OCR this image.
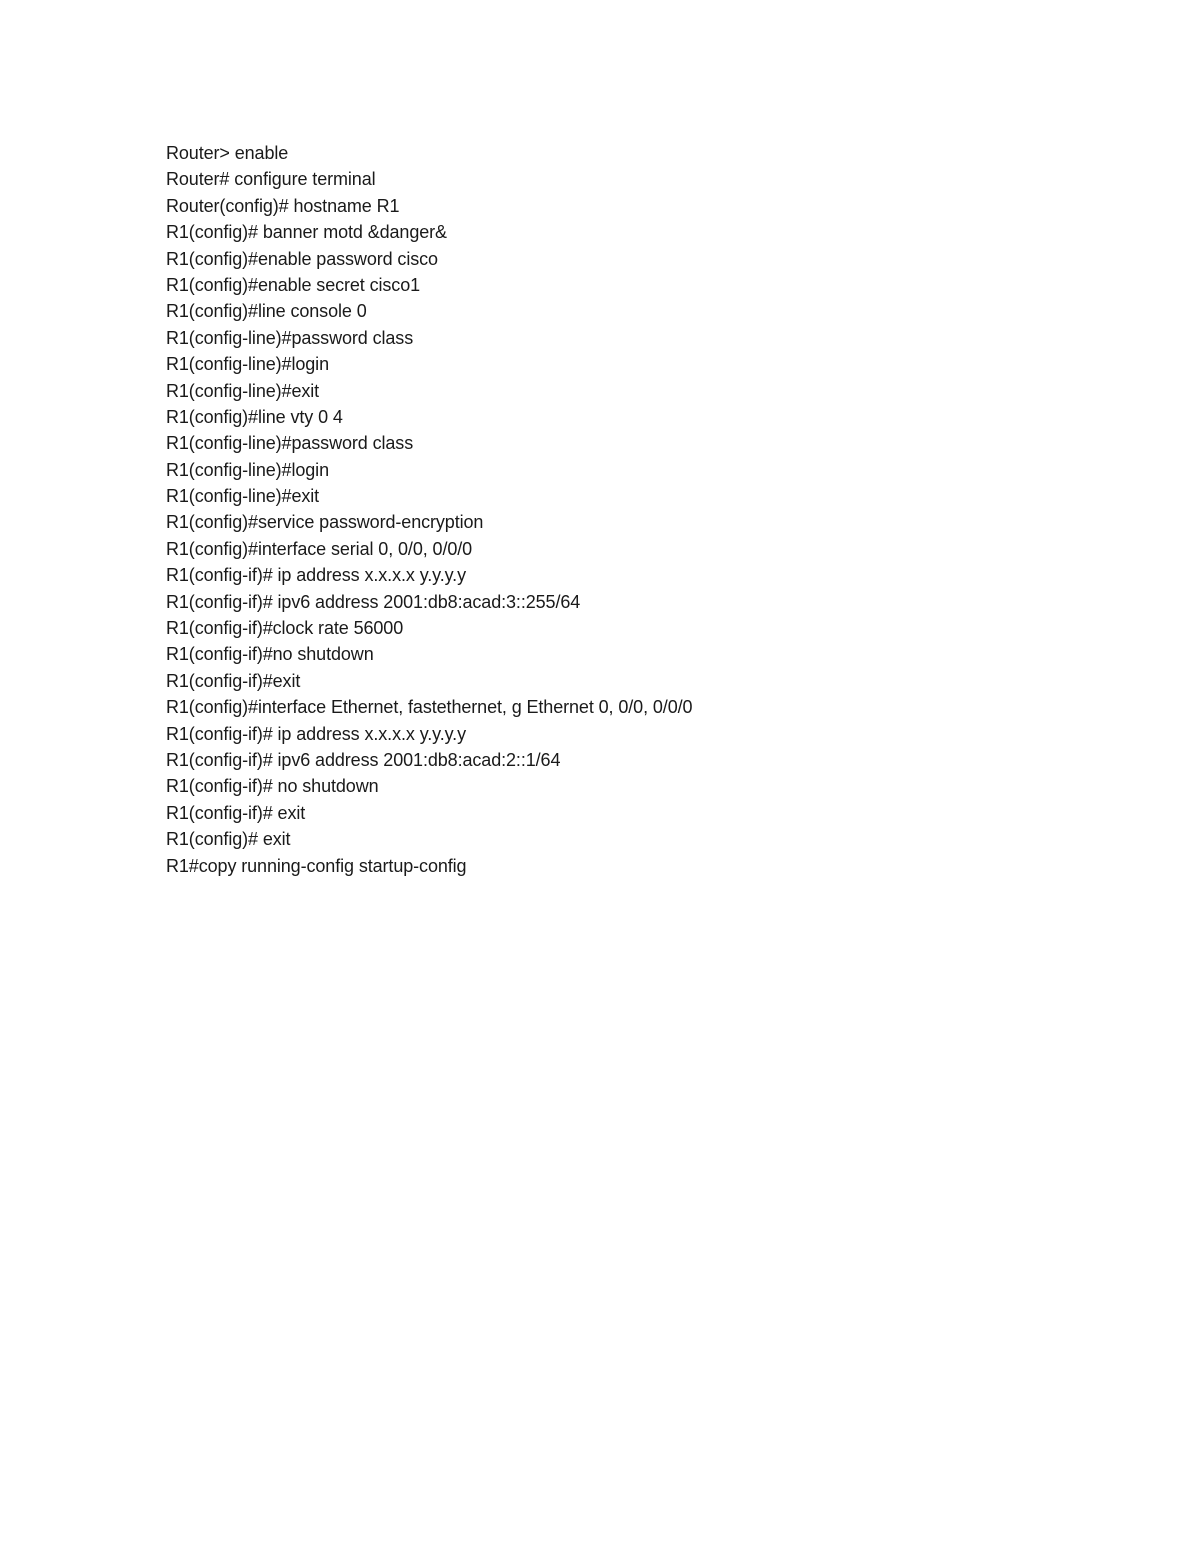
Router> enable
Router# configure terminal
Router(config)# hostname R1
R1(config)# banner motd &danger&
R1(config)#enable password cisco
R1(config)#enable secret cisco1
R1(config)#line console 0
R1(config-line)#password class
R1(config-line)#login
R1(config-line)#exit
R1(config)#line vty 0 4
R1(config-line)#password class
R1(config-line)#login
R1(config-line)#exit
R1(config)#service password-encryption
R1(config)#interface serial 0, 0/0, 0/0/0
R1(config-if)# ip address x.x.x.x y.y.y.y
R1(config-if)# ipv6 address 2001:db8:acad:3::255/64
R1(config-if)#clock rate 56000
R1(config-if)#no shutdown
R1(config-if)#exit
R1(config)#interface Ethernet, fastethernet, g Ethernet 0, 0/0, 0/0/0
R1(config-if)# ip address x.x.x.x y.y.y.y
R1(config-if)# ipv6 address 2001:db8:acad:2::1/64
R1(config-if)# no shutdown
R1(config-if)# exit
R1(config)# exit
R1#copy running-config startup-config
